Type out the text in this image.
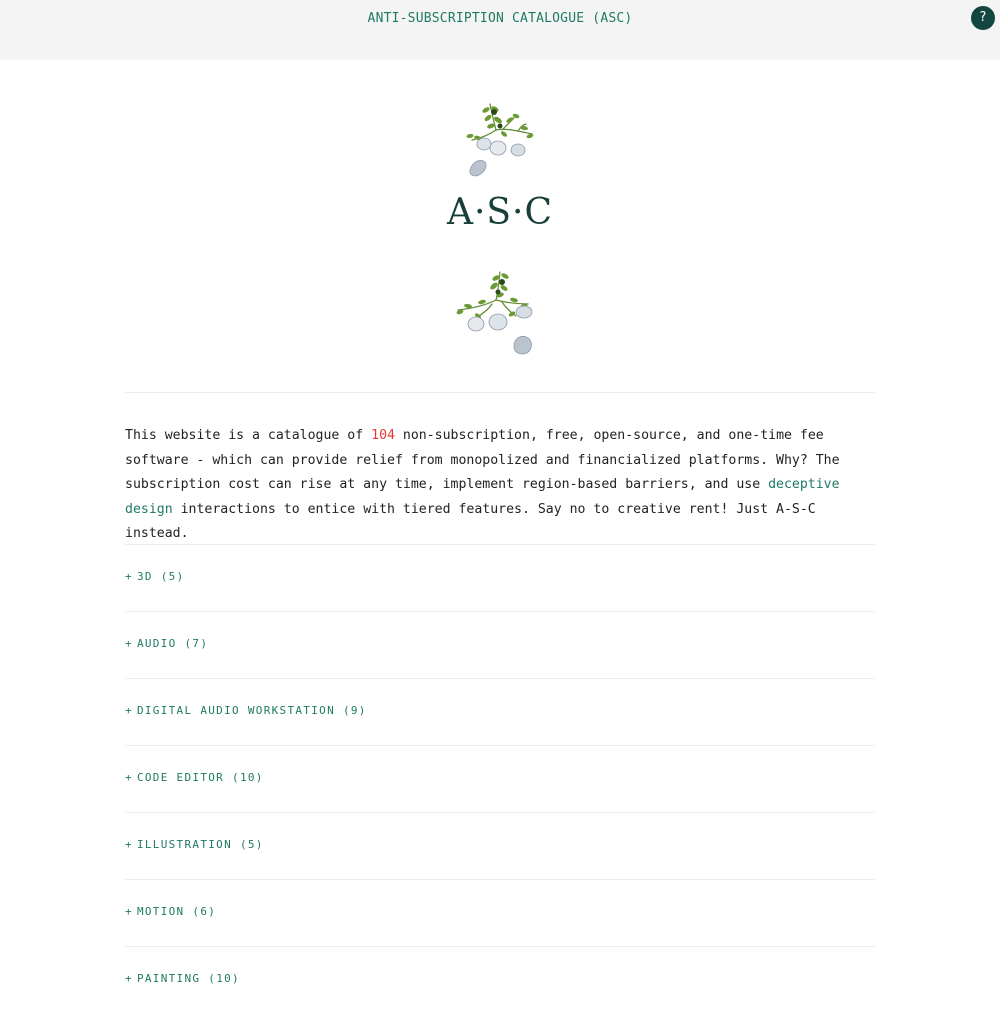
ANTI-SUBSCRIPTION CATALOGUE (ASC)	?
A·S·C

This website is a catalogue of 104 non-subscription, free, open-source, and one-time fee software - which can provide relief from monopolized and financialized platforms. Why? The subscription cost can rise at any time, implement region-based barriers, and use deceptive design interactions to entice with tiered features. Say no to creative rent! Just A-S-C instead.

+ 3D (5)
+ AUDIO (7)
+ DIGITAL AUDIO WORKSTATION (9)
+ CODE EDITOR (10)
+ ILLUSTRATION (5)
+ MOTION (6)
+ PAINTING (10)
